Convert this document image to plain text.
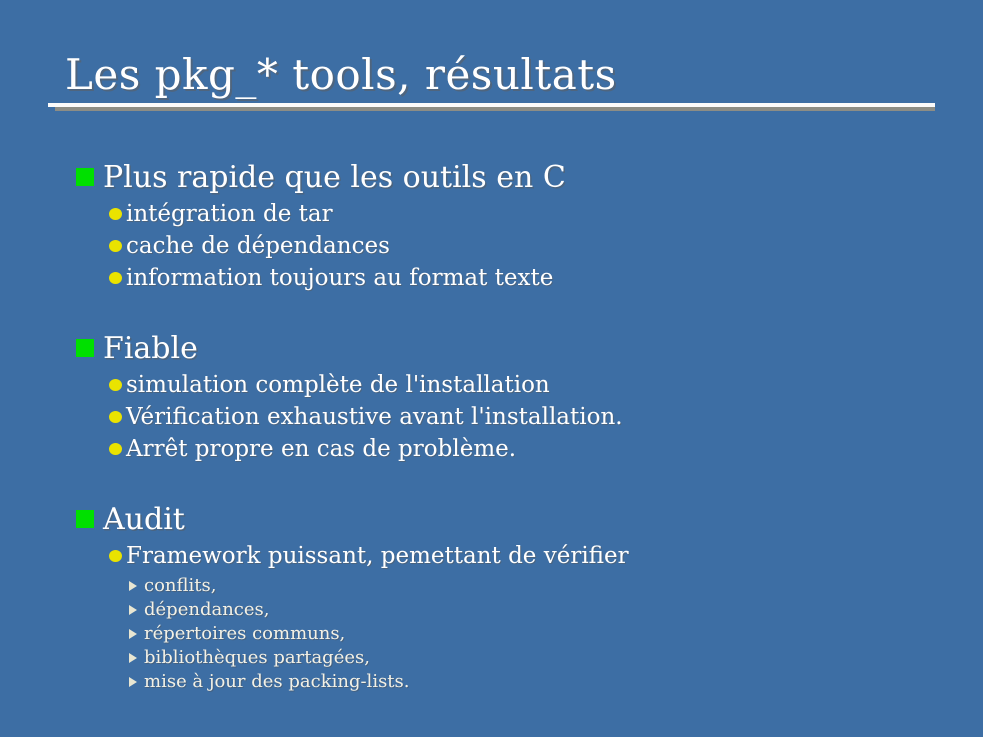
Les pkg_* tools, résultats
Plus rapide que les outils en C
intégration de tar
cache de dépendances
information toujours au format texte
Fiable
simulation complète de l'installation
Vérification exhaustive avant l'installation.
Arrêt propre en cas de problème.
Audit
Framework puissant, pemettant de vérifier
conflits,
dépendances,
répertoires communs,
bibliothèques partagées,
mise à jour des packing-lists.
